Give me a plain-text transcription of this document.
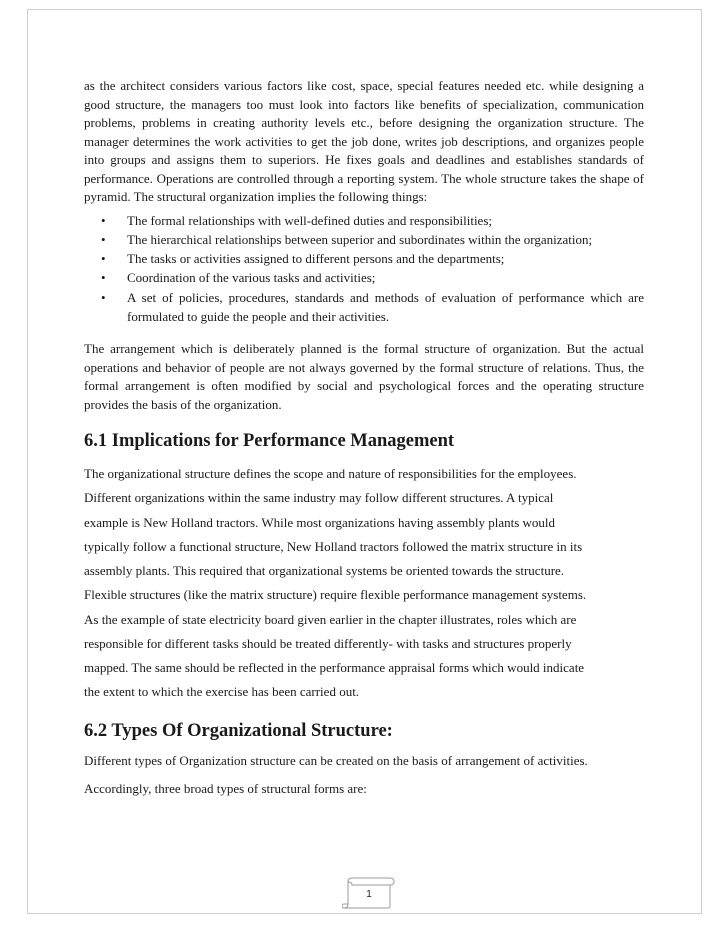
as the architect considers various factors like cost, space, special features needed etc. while designing a good structure, the managers too must look into factors like benefits of specialization, communication problems, problems in creating authority levels etc., before designing the organization structure. The manager determines the work activities to get the job done, writes job descriptions, and organizes people into groups and assigns them to superiors. He fixes goals and deadlines and establishes standards of performance. Operations are controlled through a reporting system. The whole structure takes the shape of pyramid. The structural organization implies the following things:

• The formal relationships with well-defined duties and responsibilities;
• The hierarchical relationships between superior and subordinates within the organization;
• The tasks or activities assigned to different persons and the departments;
• Coordination of the various tasks and activities;
• A set of policies, procedures, standards and methods of evaluation of performance which are formulated to guide the people and their activities.

The arrangement which is deliberately planned is the formal structure of organization. But the actual operations and behavior of people are not always governed by the formal structure of relations. Thus, the formal arrangement is often modified by social and psychological forces and the operating structure provides the basis of the organization.

6.1 Implications for Performance Management

The organizational structure defines the scope and nature of responsibilities for the employees.
Different organizations within the same industry may follow different structures. A typical
example is New Holland tractors. While most organizations having assembly plants would
typically follow a functional structure, New Holland tractors followed the matrix structure in its
assembly plants. This required that organizational systems be oriented towards the structure.
Flexible structures (like the matrix structure) require flexible performance management systems.
As the example of state electricity board given earlier in the chapter illustrates, roles which are
responsible for different tasks should be treated differently- with tasks and structures properly
mapped. The same should be reflected in the performance appraisal forms which would indicate
the extent to which the exercise has been carried out.

6.2 Types Of Organizational Structure:

Different types of Organization structure can be created on the basis of arrangement of activities.

Accordingly, three broad types of structural forms are:

1
